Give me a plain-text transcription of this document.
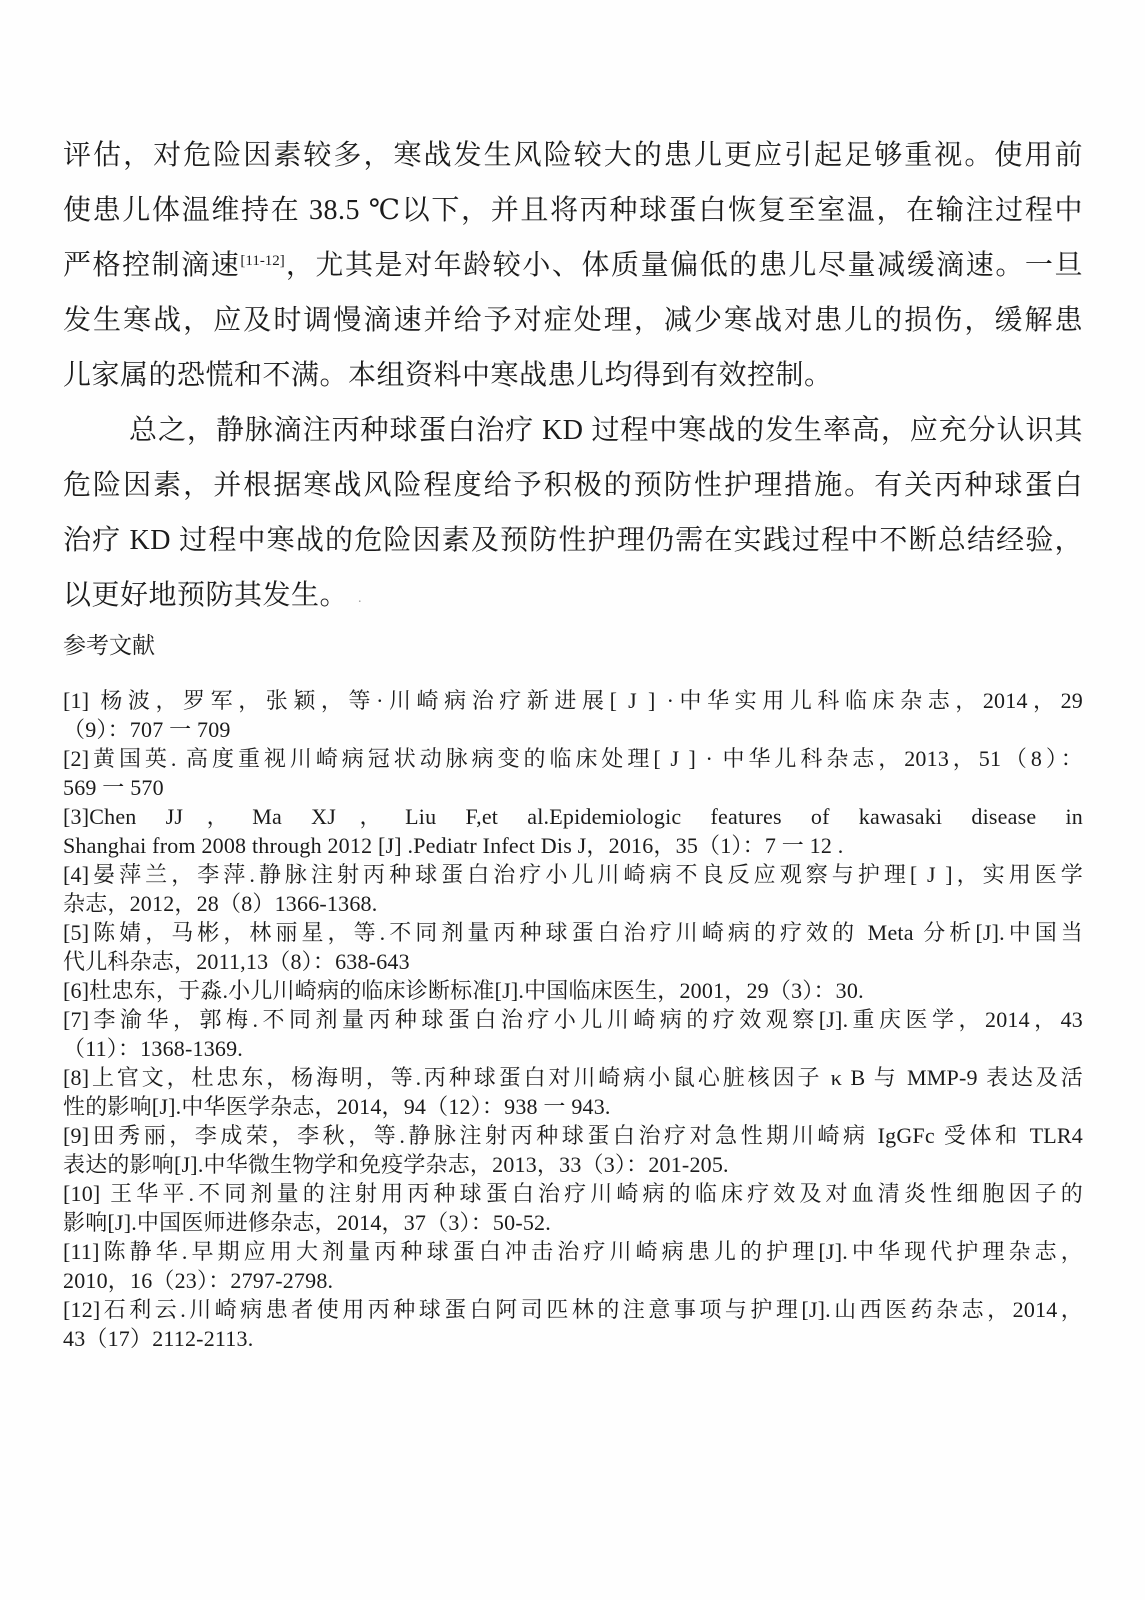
评估，对危险因素较多，寒战发生风险较大的患儿更应引起足够重视。使用前
使患儿体温维持在 38.5 ℃以下，并且将丙种球蛋白恢复至室温，在输注过程中
严格控制滴速[11-12]，尤其是对年龄较小、体质量偏低的患儿尽量减缓滴速。一旦
发生寒战，应及时调慢滴速并给予对症处理，减少寒战对患儿的损伤，缓解患
儿家属的恐慌和不满。本组资料中寒战患儿均得到有效控制。
总之，静脉滴注丙种球蛋白治疗 KD 过程中寒战的发生率高，应充分认识其
危险因素，并根据寒战风险程度给予积极的预防性护理措施。有关丙种球蛋白
治疗 KD 过程中寒战的危险因素及预防性护理仍需在实践过程中不断总结经验，
以更好地预防其发生。 .
参考文献
[1] 杨波，罗军，张颖，等·川崎病治疗新进展[ J ] ·中华实用儿科临床杂志，2014，29
（9）：707 一 709
[2]黄国英. 高度重视川崎病冠状动脉病变的临床处理[ J ] · 中华儿科杂志，2013，51（8）：
569 一 570
[3]Chen JJ，Ma XJ，Liu F,et al.Epidemiologic features of kawasaki disease in
Shanghai from 2008 through 2012 [J] .Pediatr Infect Dis J，2016，35（1）：7 一 12 .
[4]晏萍兰，李萍.静脉注射丙种球蛋白治疗小儿川崎病不良反应观察与护理[ J ]，实用医学
杂志，2012，28（8）1366-1368.
[5]陈婧，马彬，林丽星，等.不同剂量丙种球蛋白治疗川崎病的疗效的 Meta 分析[J].中国当
代儿科杂志，2011,13（8）：638-643
[6]杜忠东，于淼.小儿川崎病的临床诊断标准[J].中国临床医生，2001，29（3）：30.
[7]李渝华，郭梅.不同剂量丙种球蛋白治疗小儿川崎病的疗效观察[J].重庆医学，2014，43
（11）：1368-1369.
[8]上官文，杜忠东，杨海明，等.丙种球蛋白对川崎病小鼠心脏核因子 κ B 与 MMP-9 表达及活
性的影响[J].中华医学杂志，2014，94（12）：938 一 943.
[9]田秀丽，李成荣，李秋，等.静脉注射丙种球蛋白治疗对急性期川崎病 IgGFc 受体和 TLR4
表达的影响[J].中华微生物学和免疫学杂志，2013，33（3）：201-205.
[10] 王华平.不同剂量的注射用丙种球蛋白治疗川崎病的临床疗效及对血清炎性细胞因子的
影响[J].中国医师进修杂志，2014，37（3）：50-52.
[11]陈静华.早期应用大剂量丙种球蛋白冲击治疗川崎病患儿的护理[J].中华现代护理杂志，
2010，16（23）：2797-2798.
[12]石利云.川崎病患者使用丙种球蛋白阿司匹林的注意事项与护理[J].山西医药杂志，2014，
43（17）2112-2113.
